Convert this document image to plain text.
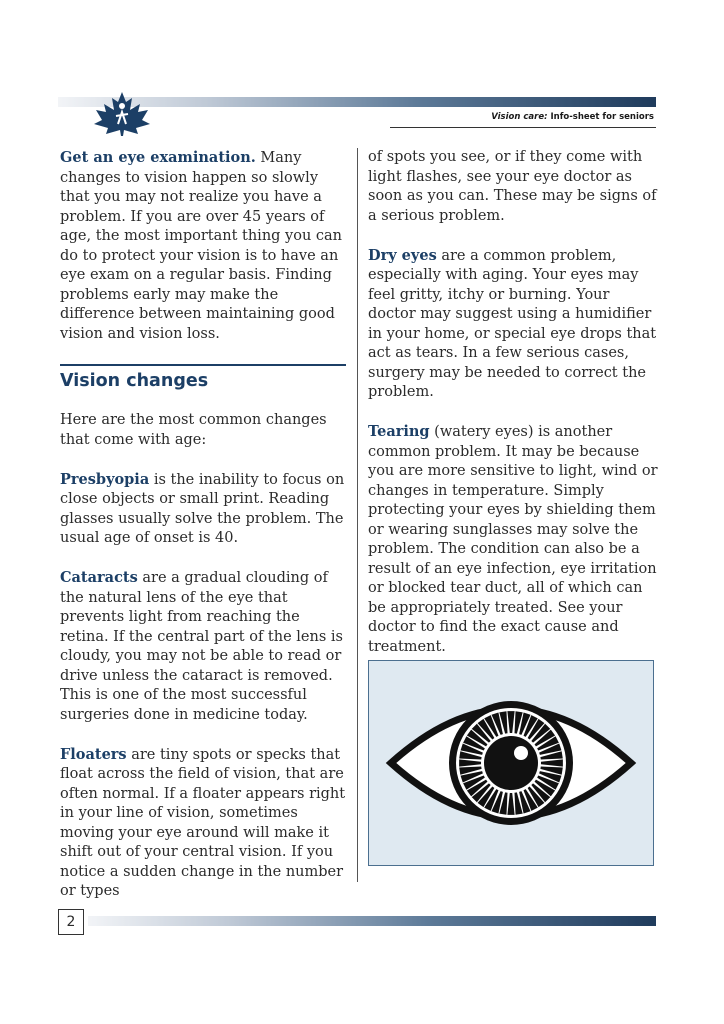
Vision care: Info-sheet for seniors

Get an eye examination. Many changes to vision happen so slowly that you may not realize you have a problem. If you are over 45 years of age, the most important thing you can do to protect your vision is to have an eye exam on a regular basis. Finding problems early may make the difference between maintaining good vision and vision loss.

Vision changes

Here are the most common changes that come with age:

Presbyopia is the inability to focus on close objects or small print. Reading glasses usually solve the problem. The usual age of onset is 40.

Cataracts are a gradual clouding of the natural lens of the eye that prevents light from reaching the retina. If the central part of the lens is cloudy, you may not be able to read or drive unless the cataract is removed. This is one of the most successful surgeries done in medicine today.

Floaters are tiny spots or specks that float across the field of vision, that are often normal. If a floater appears right in your line of vision, sometimes moving your eye around will make it shift out of your central vision. If you notice a sudden change in the number or types

of spots you see, or if they come with light flashes, see your eye doctor as soon as you can. These may be signs of a serious problem.

Dry eyes are a common problem, especially with aging. Your eyes may feel gritty, itchy or burning. Your doctor may suggest using a humidifier in your home, or special eye drops that act as tears. In a few serious cases, surgery may be needed to correct the problem.

Tearing (watery eyes) is another common problem. It may be because you are more sensitive to light, wind or changes in temperature. Simply protecting your eyes by shielding them or wearing sunglasses may solve the problem. The condition can also be a result of an eye infection, eye irritation or blocked tear duct, all of which can be appropriately treated. See your doctor to find the exact cause and treatment.

2
